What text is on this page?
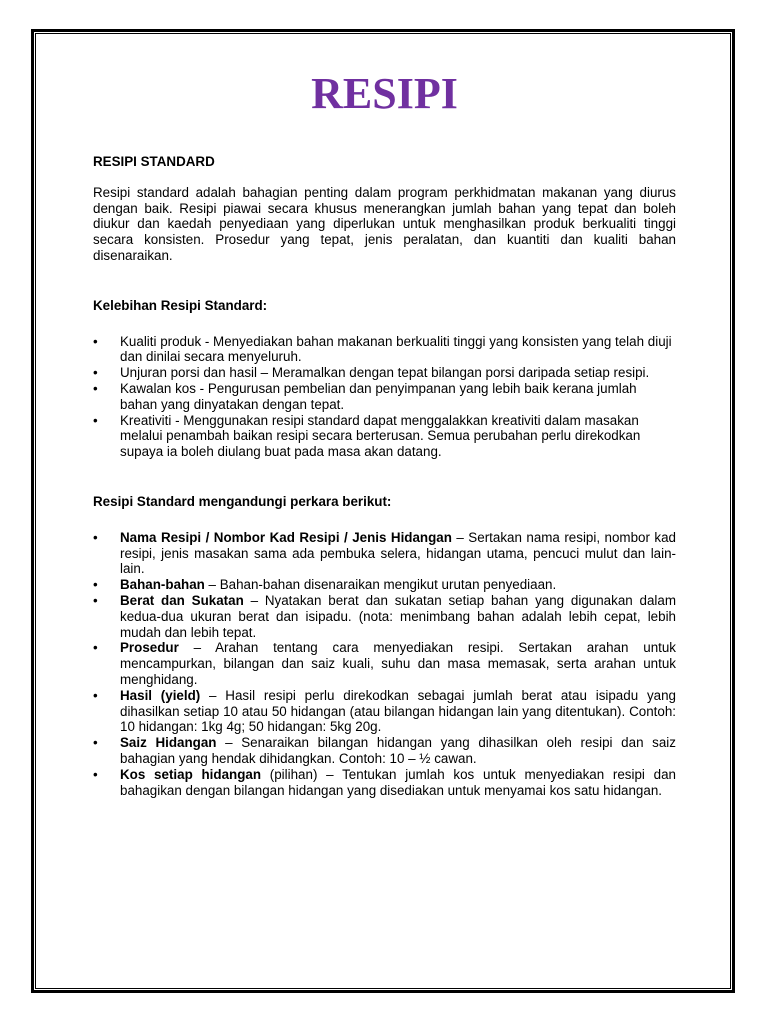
RESIPI
RESIPI STANDARD

Resipi standard adalah bahagian penting dalam program perkhidmatan makanan yang diurus dengan baik. Resipi piawai secara khusus menerangkan jumlah bahan yang tepat dan boleh diukur dan kaedah penyediaan yang diperlukan untuk menghasilkan produk berkualiti tinggi secara konsisten. Prosedur yang tepat, jenis peralatan, dan kuantiti dan kualiti bahan disenaraikan.

Kelebihan Resipi Standard:
• Kualiti produk - Menyediakan bahan makanan berkualiti tinggi yang konsisten yang telah diuji dan dinilai secara menyeluruh.
• Unjuran porsi dan hasil – Meramalkan dengan tepat bilangan porsi daripada setiap resipi.
• Kawalan kos - Pengurusan pembelian dan penyimpanan yang lebih baik kerana jumlah bahan yang dinyatakan dengan tepat.
• Kreativiti - Menggunakan resipi standard dapat menggalakkan kreativiti dalam masakan melalui penambah baikan resipi secara berterusan. Semua perubahan perlu direkodkan supaya ia boleh diulang buat pada masa akan datang.
Resipi Standard mengandungi perkara berikut:
• Nama Resipi / Nombor Kad Resipi / Jenis Hidangan – Sertakan nama resipi, nombor kad resipi, jenis masakan sama ada pembuka selera, hidangan utama, pencuci mulut dan lain-lain.
• Bahan-bahan – Bahan-bahan disenaraikan mengikut urutan penyediaan.
• Berat dan Sukatan – Nyatakan berat dan sukatan setiap bahan yang digunakan dalam kedua-dua ukuran berat dan isipadu. (nota: menimbang bahan adalah lebih cepat, lebih mudah dan lebih tepat.
• Prosedur – Arahan tentang cara menyediakan resipi. Sertakan arahan untuk mencampurkan, bilangan dan saiz kuali, suhu dan masa memasak, serta arahan untuk menghidang.
• Hasil (yield) – Hasil resipi perlu direkodkan sebagai jumlah berat atau isipadu yang dihasilkan setiap 10 atau 50 hidangan (atau bilangan hidangan lain yang ditentukan). Contoh: 10 hidangan: 1kg 4g; 50 hidangan: 5kg 20g.
• Saiz Hidangan – Senaraikan bilangan hidangan yang dihasilkan oleh resipi dan saiz bahagian yang hendak dihidangkan. Contoh: 10 – ½ cawan.
• Kos setiap hidangan (pilihan) – Tentukan jumlah kos untuk menyediakan resipi dan bahagikan dengan bilangan hidangan yang disediakan untuk menyamai kos satu hidangan.
